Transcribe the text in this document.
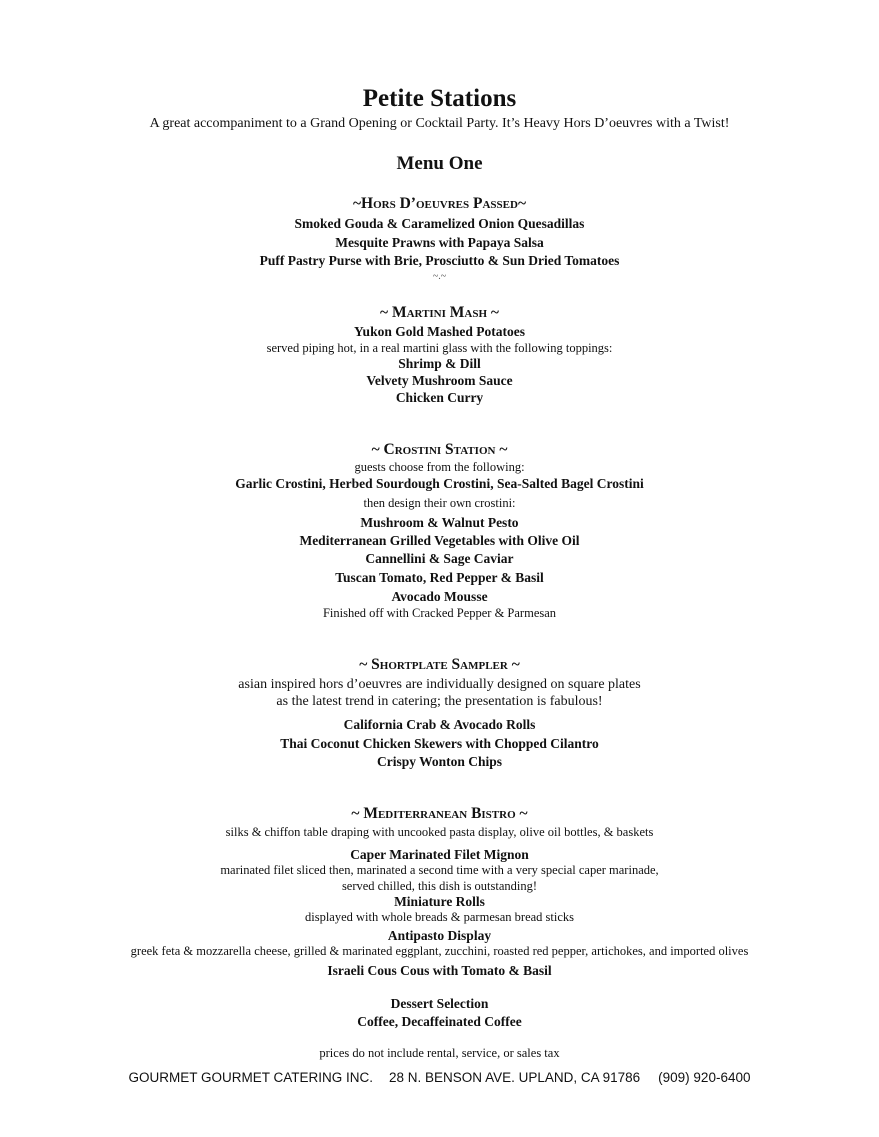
Petite Stations
A great accompaniment to a Grand Opening or Cocktail Party. It’s Heavy Hors D’oeuvres with a Twist!
Menu One
~Hors D’oeuvres Passed~
Smoked Gouda & Caramelized Onion Quesadillas
Mesquite Prawns with Papaya Salsa
Puff Pastry Purse with Brie, Prosciutto & Sun Dried Tomatoes
~.~
~ Martini Mash ~
Yukon Gold Mashed Potatoes
served piping hot, in a real martini glass with the following toppings:
Shrimp & Dill
Velvety Mushroom Sauce
Chicken Curry
~ Crostini Station ~
guests choose from the following:
Garlic Crostini, Herbed Sourdough Crostini, Sea-Salted Bagel Crostini
then design their own crostini:
Mushroom & Walnut Pesto
Mediterranean Grilled Vegetables with Olive Oil
Cannellini & Sage Caviar
Tuscan Tomato, Red Pepper & Basil
Avocado Mousse
Finished off with Cracked Pepper & Parmesan
~ Shortplate Sampler ~
asian inspired hors d’oeuvres are individually designed on square plates
as the latest trend in catering; the presentation is fabulous!
California Crab & Avocado Rolls
Thai Coconut Chicken Skewers with Chopped Cilantro
Crispy Wonton Chips
~ Mediterranean Bistro ~
silks & chiffon table draping with uncooked pasta display, olive oil bottles, & baskets
Caper Marinated Filet Mignon
marinated filet sliced then, marinated a second time with a very special caper marinade,
served chilled, this dish is outstanding!
Miniature Rolls
displayed with whole breads & parmesan bread sticks
Antipasto Display
greek feta & mozzarella cheese, grilled & marinated eggplant, zucchini, roasted red pepper, artichokes, and imported olives
Israeli Cous Cous with Tomato & Basil
Dessert Selection
Coffee, Decaffeinated Coffee
prices do not include rental, service, or sales tax
GOURMET GOURMET CATERING INC. 28 N. BENSON AVE. UPLAND, CA 91786 (909) 920-6400
